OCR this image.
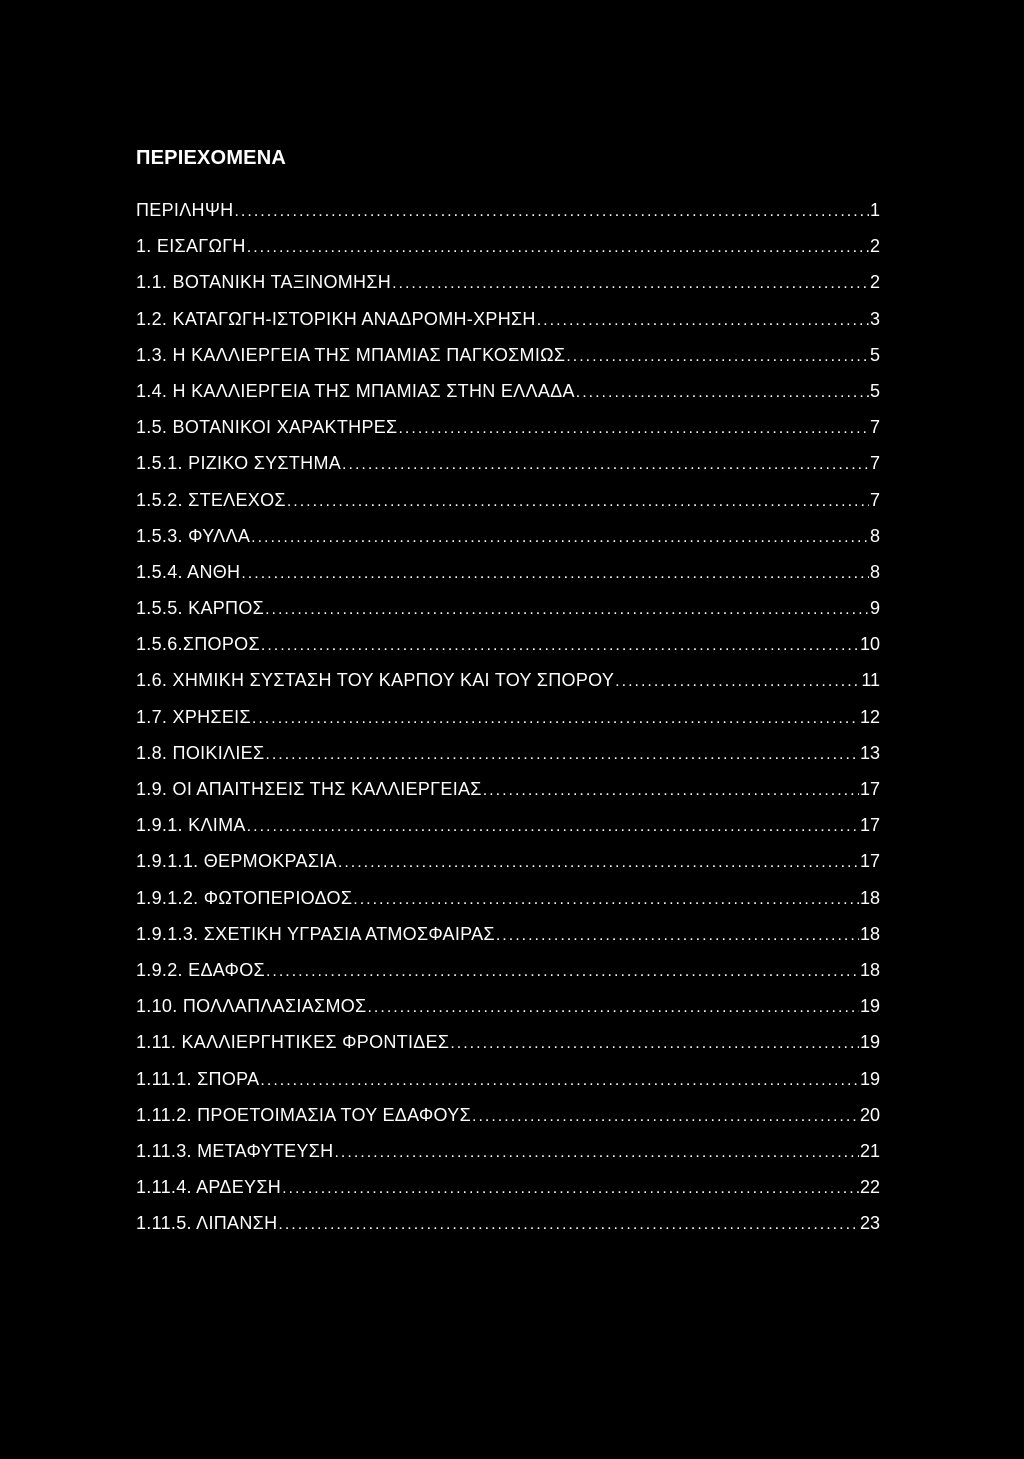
ΠΕΡΙΕΧΟΜΕΝΑ
ΠΕΡΙΛΗΨΗ .....	1
1. ΕΙΣΑΓΩΓΗ .....	2
1.1. ΒΟΤΑΝΙΚΗ ΤΑΞΙΝΟΜΗΣΗ .....	2
1.2. ΚΑΤΑΓΩΓΗ-ΙΣΤΟΡΙΚΗ ΑΝΑΔΡΟΜΗ-ΧΡΗΣΗ .....	3
1.3. Η ΚΑΛΛΙΕΡΓΕΙΑ ΤΗΣ ΜΠΑΜΙΑΣ ΠΑΓΚΟΣΜΙΩΣ .....	5
1.4. Η ΚΑΛΛΙΕΡΓΕΙΑ ΤΗΣ ΜΠΑΜΙΑΣ ΣΤΗΝ ΕΛΛΑΔΑ .....	5
1.5. ΒΟΤΑΝΙΚΟΙ ΧΑΡΑΚΤΗΡΕΣ .....	7
1.5.1. ΡΙΖΙΚΟ ΣΥΣΤΗΜΑ .....	7
1.5.2. ΣΤΕΛΕΧΟΣ .....	7
1.5.3. ΦΥΛΛΑ .....	8
1.5.4. ΑΝΘΗ .....	8
1.5.5. ΚΑΡΠΟΣ .....	9
1.5.6.ΣΠΟΡΟΣ .....	10
1.6. ΧΗΜΙΚΗ ΣΥΣΤΑΣΗ ΤΟΥ ΚΑΡΠΟΥ ΚΑΙ ΤΟΥ ΣΠΟΡΟΥ .....	11
1.7. ΧΡΗΣΕΙΣ .....	12
1.8. ΠΟΙΚΙΛΙΕΣ .....	13
1.9. ΟΙ ΑΠΑΙΤΗΣΕΙΣ ΤΗΣ ΚΑΛΛΙΕΡΓΕΙΑΣ .....	17
1.9.1. ΚΛΙΜΑ .....	17
1.9.1.1. ΘΕΡΜΟΚΡΑΣΙΑ .....	17
1.9.1.2. ΦΩΤΟΠΕΡΙΟΔΟΣ .....	18
1.9.1.3. ΣΧΕΤΙΚΗ ΥΓΡΑΣΙΑ ΑΤΜΟΣΦΑΙΡΑΣ .....	18
1.9.2. ΕΔΑΦΟΣ .....	18
1.10. ΠΟΛΛΑΠΛΑΣΙΑΣΜΟΣ .....	19
1.11. ΚΑΛΛΙΕΡΓΗΤΙΚΕΣ ΦΡΟΝΤΙΔΕΣ .....	19
1.11.1. ΣΠΟΡΑ .....	19
1.11.2. ΠΡΟΕΤΟΙΜΑΣΙΑ ΤΟΥ ΕΔΑΦΟΥΣ .....	20
1.11.3. ΜΕΤΑΦΥΤΕΥΣΗ .....	21
1.11.4. ΑΡΔΕΥΣΗ .....	22
1.11.5. ΛΙΠΑΝΣΗ .....	23
